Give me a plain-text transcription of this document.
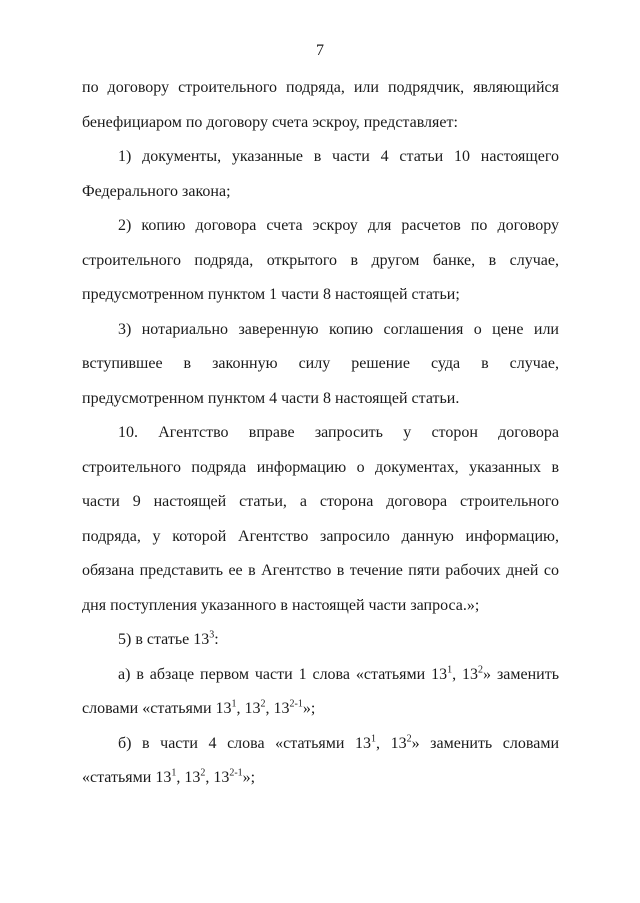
7

по договору строительного подряда, или подрядчик, являющийся бенефициаром по договору счета эскроу, представляет:

1) документы, указанные в части 4 статьи 10 настоящего Федерального закона;

2) копию договора счета эскроу для расчетов по договору строительного подряда, открытого в другом банке, в случае, предусмотренном пунктом 1 части 8 настоящей статьи;

3) нотариально заверенную копию соглашения о цене или вступившее в законную силу решение суда в случае, предусмотренном пунктом 4 части 8 настоящей статьи.

10. Агентство вправе запросить у сторон договора строительного подряда информацию о документах, указанных в части 9 настоящей статьи, а сторона договора строительного подряда, у которой Агентство запросило данную информацию, обязана представить ее в Агентство в течение пяти рабочих дней со дня поступления указанного в настоящей части запроса.»;

5) в статье $13^3$:

а) в абзаце первом части 1 слова «статьями $13^1$, $13^2$» заменить словами «статьями $13^1$, $13^2$, 13$^{2-1}$»;

б) в части 4 слова «статьями $13^1$, $13^2$» заменить словами «статьями $13^1$, $13^2$, 13$^{2-1}$»;
